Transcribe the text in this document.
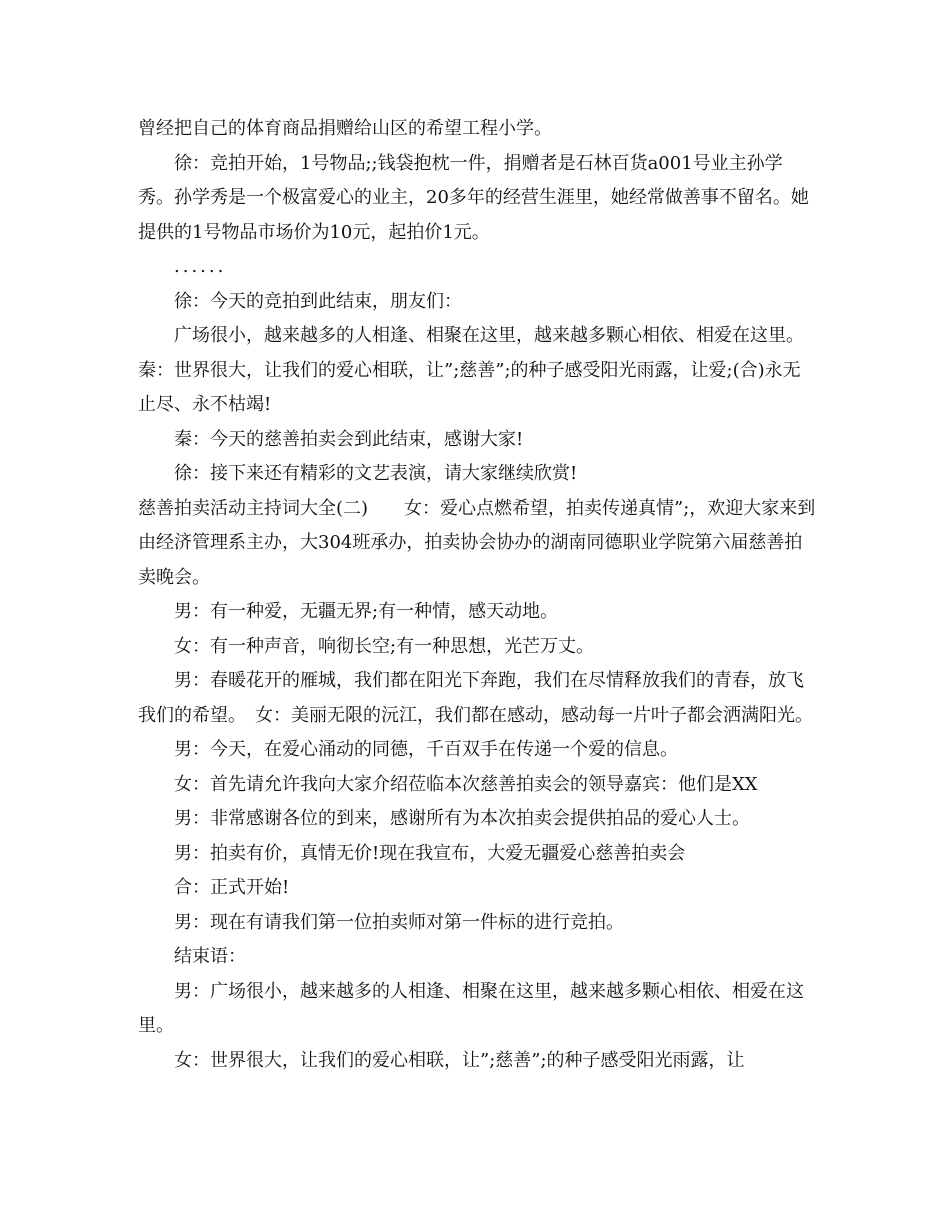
曾经把自己的体育商品捐赠给山区的希望工程小学。

徐：竞拍开始，1号物品;;钱袋抱枕一件，捐赠者是石林百货a001号业主孙学秀。孙学秀是一个极富爱心的业主，20多年的经营生涯里，她经常做善事不留名。她提供的1号物品市场价为10元，起拍价1元。

......

徐：今天的竞拍到此结束，朋友们：

广场很小，越来越多的人相逢、相聚在这里，越来越多颗心相依、相爱在这里。 秦：世界很大，让我们的爱心相联，让”;慈善”;的种子感受阳光雨露，让爱;(合)永无止尽、永不枯竭!

秦：今天的慈善拍卖会到此结束，感谢大家!

徐：接下来还有精彩的文艺表演，请大家继续欣赏!

慈善拍卖活动主持词大全(二)　　女：爱心点燃希望，拍卖传递真情”;，欢迎大家来到由经济管理系主办，大304班承办，拍卖协会协办的湖南同德职业学院第六届慈善拍卖晚会。

男：有一种爱，无疆无界;有一种情，感天动地。

女：有一种声音，响彻长空;有一种思想，光芒万丈。

男：春暖花开的雁城，我们都在阳光下奔跑，我们在尽情释放我们的青春，放飞我们的希望。　女：美丽无限的沅江，我们都在感动，感动每一片叶子都会洒满阳光。

男：今天，在爱心涌动的同德，千百双手在传递一个爱的信息。

女：首先请允许我向大家介绍莅临本次慈善拍卖会的领导嘉宾：他们是XX

男：非常感谢各位的到来，感谢所有为本次拍卖会提供拍品的爱心人士。

男：拍卖有价，真情无价!现在我宣布，大爱无疆爱心慈善拍卖会

合：正式开始!

男：现在有请我们第一位拍卖师对第一件标的进行竞拍。

结束语：

男：广场很小，越来越多的人相逢、相聚在这里，越来越多颗心相依、相爱在这里。

女：世界很大，让我们的爱心相联，让”;慈善”;的种子感受阳光雨露，让
